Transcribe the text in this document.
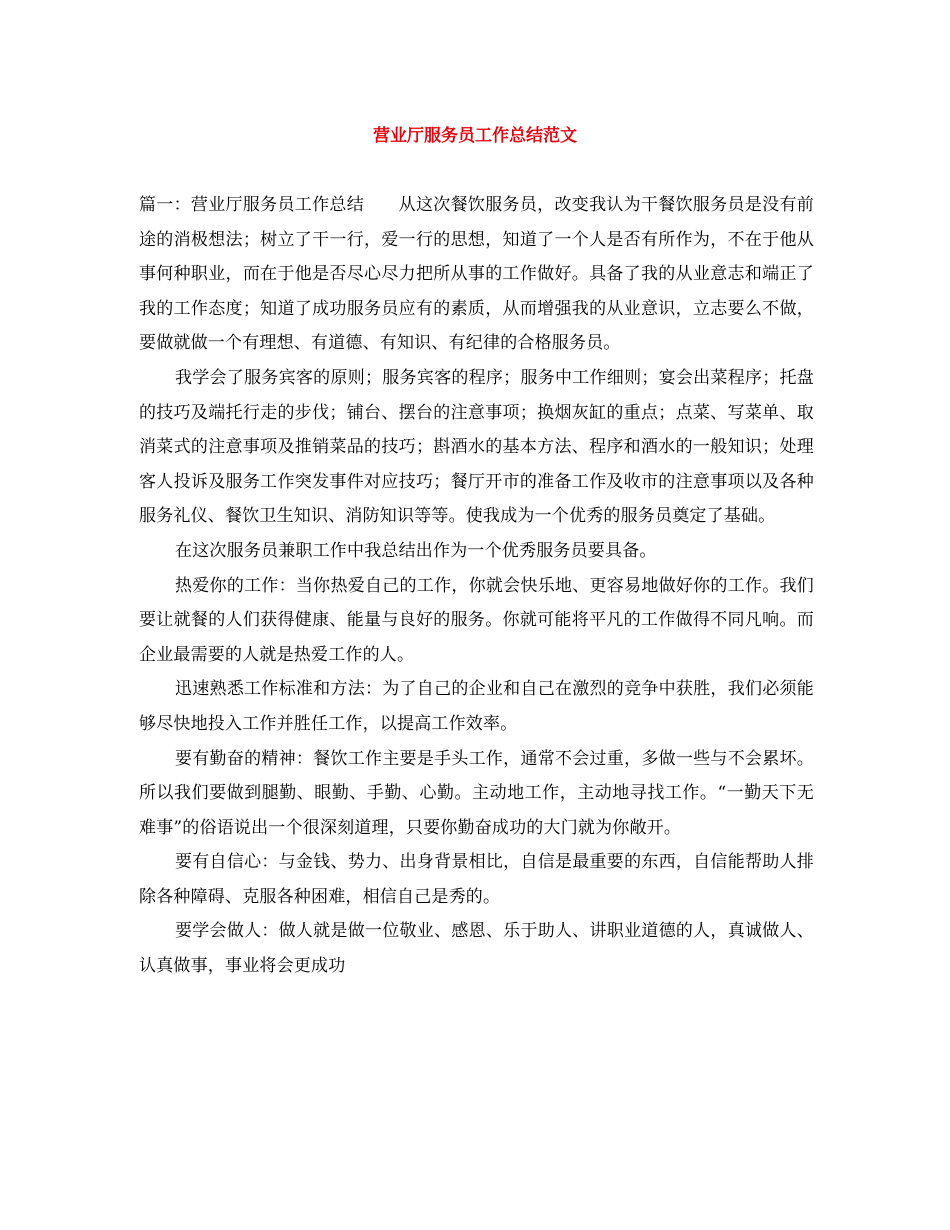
营业厅服务员工作总结范文

篇一：营业厅服务员工作总结　　从这次餐饮服务员，改变我认为干餐饮服务员是没有前途的消极想法；树立了干一行，爱一行的思想，知道了一个人是否有所作为，不在于他从事何种职业，而在于他是否尽心尽力把所从事的工作做好。具备了我的从业意志和端正了我的工作态度；知道了成功服务员应有的素质，从而增强我的从业意识，立志要么不做，要做就做一个有理想、有道德、有知识、有纪律的合格服务员。

我学会了服务宾客的原则；服务宾客的程序；服务中工作细则；宴会出菜程序；托盘的技巧及端托行走的步伐；铺台、摆台的注意事项；换烟灰缸的重点；点菜、写菜单、取消菜式的注意事项及推销菜品的技巧；斟酒水的基本方法、程序和酒水的一般知识；处理客人投诉及服务工作突发事件对应技巧；餐厅开市的准备工作及收市的注意事项以及各种服务礼仪、餐饮卫生知识、消防知识等等。使我成为一个优秀的服务员奠定了基础。

在这次服务员兼职工作中我总结出作为一个优秀服务员要具备。

热爱你的工作：当你热爱自己的工作，你就会快乐地、更容易地做好你的工作。我们要让就餐的人们获得健康、能量与良好的服务。你就可能将平凡的工作做得不同凡响。而企业最需要的人就是热爱工作的人。

迅速熟悉工作标准和方法：为了自己的企业和自己在激烈的竞争中获胜，我们必须能够尽快地投入工作并胜任工作，以提高工作效率。

要有勤奋的精神：餐饮工作主要是手头工作，通常不会过重，多做一些与不会累坏。所以我们要做到腿勤、眼勤、手勤、心勤。主动地工作，主动地寻找工作。“一勤天下无难事”的俗语说出一个很深刻道理，只要你勤奋成功的大门就为你敞开。

要有自信心：与金钱、势力、出身背景相比，自信是最重要的东西，自信能帮助人排除各种障碍、克服各种困难，相信自己是秀的。

要学会做人：做人就是做一位敬业、感恩、乐于助人、讲职业道德的人，真诚做人、认真做事，事业将会更成功
